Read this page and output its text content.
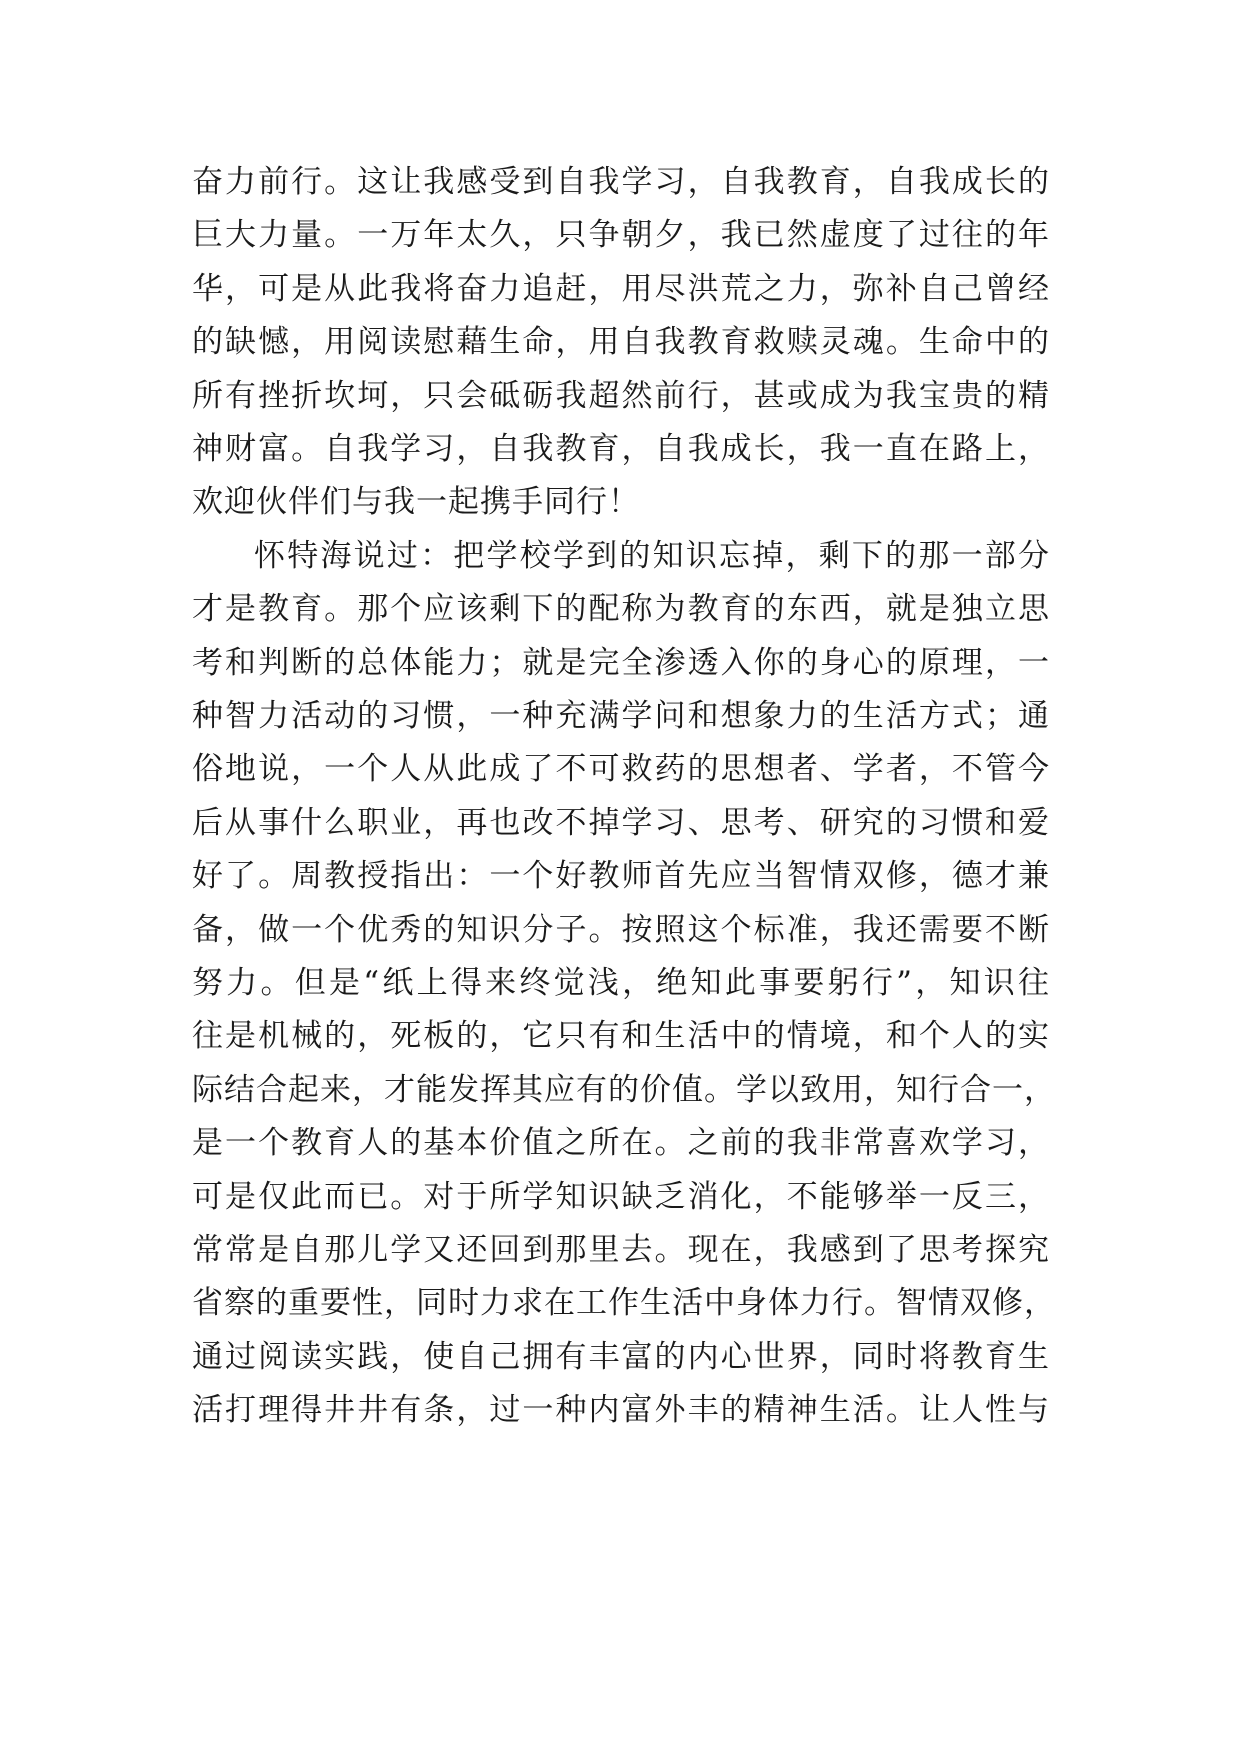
奋力前行。这让我感受到自我学习，自我教育，自我成长的
巨大力量。一万年太久，只争朝夕，我已然虚度了过往的年
华，可是从此我将奋力追赶，用尽洪荒之力，弥补自己曾经
的缺憾，用阅读慰藉生命，用自我教育救赎灵魂。生命中的
所有挫折坎坷，只会砥砺我超然前行，甚或成为我宝贵的精
神财富。自我学习，自我教育，自我成长，我一直在路上，
欢迎伙伴们与我一起携手同行！
怀特海说过：把学校学到的知识忘掉，剩下的那一部分
才是教育。那个应该剩下的配称为教育的东西，就是独立思
考和判断的总体能力；就是完全渗透入你的身心的原理，一
种智力活动的习惯，一种充满学问和想象力的生活方式；通
俗地说，一个人从此成了不可救药的思想者、学者，不管今
后从事什么职业，再也改不掉学习、思考、研究的习惯和爱
好了。周教授指出：一个好教师首先应当智情双修，德才兼
备，做一个优秀的知识分子。按照这个标准，我还需要不断
努力。但是“纸上得来终觉浅，绝知此事要躬行”，知识往
往是机械的，死板的，它只有和生活中的情境，和个人的实
际结合起来，才能发挥其应有的价值。学以致用，知行合一，
是一个教育人的基本价值之所在。之前的我非常喜欢学习，
可是仅此而已。对于所学知识缺乏消化，不能够举一反三，
常常是自那儿学又还回到那里去。现在，我感到了思考探究
省察的重要性，同时力求在工作生活中身体力行。智情双修，
通过阅读实践，使自己拥有丰富的内心世界，同时将教育生
活打理得井井有条，过一种内富外丰的精神生活。让人性与
